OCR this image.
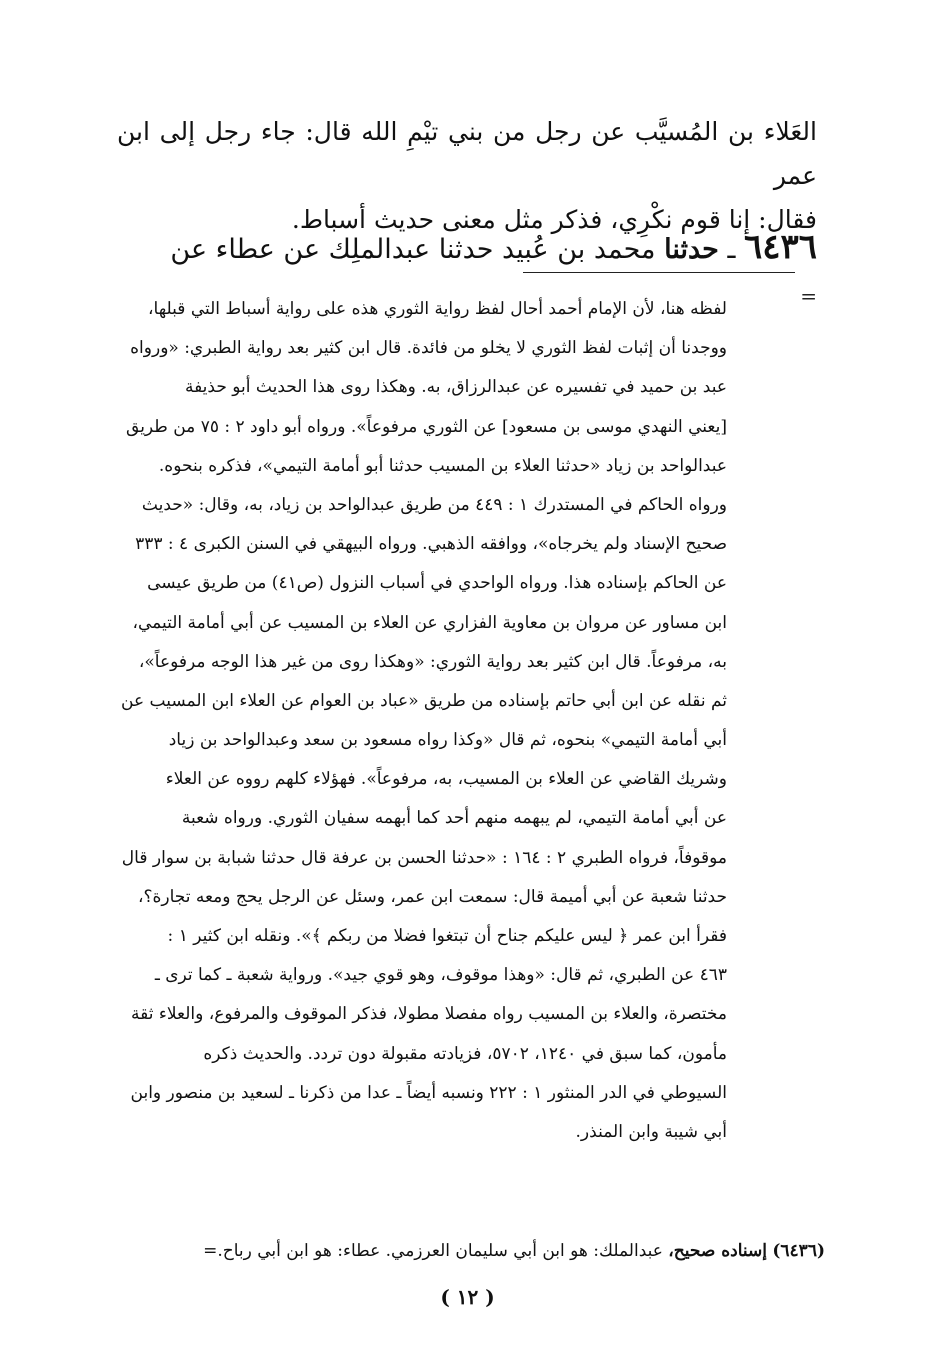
العَلاء بن المُسيَّب عن رجل من بني تيْمِ الله قال: جاء رجل إلى ابن عمر

فقال: إنا قوم نكْرِي، فذكر مثل معنى حديث أسباط.

٦٤٣٦ ـ حدثنا محمد بن عُبيد حدثنا عبدالملِك عن عطاء عن
=
لفظه هنا، لأن الإمام أحمد أحال لفظ رواية الثوري هذه على رواية أسباط التي قبلها،
ووجدنا أن إثبات لفظ الثوري لا يخلو من فائدة. قال ابن كثير بعد رواية الطبري: «ورواه
عبد بن حميد في تفسيره عن عبدالرزاق، به. وهكذا روى هذا الحديث أبو حذيفة
[يعني النهدي موسى بن مسعود] عن الثوري مرفوعاً». ورواه أبو داود ٢ : ٧٥ من طريق
عبدالواحد بن زياد «حدثنا العلاء بن المسيب حدثنا أبو أمامة التيمي»، فذكره بنحوه.
ورواه الحاكم في المستدرك ١ : ٤٤٩ من طريق عبدالواحد بن زياد، به، وقال: «حديث
صحيح الإسناد ولم يخرجاه»، ووافقه الذهبي. ورواه البيهقي في السنن الكبرى ٤ : ٣٣٣
عن الحاكم بإسناده هذا. ورواه الواحدي في أسباب النزول (ص٤١) من طريق عيسى
ابن مساور عن مروان بن معاوية الفزاري عن العلاء بن المسيب عن أبي أمامة التيمي،
به، مرفوعاً. قال ابن كثير بعد رواية الثوري: «وهكذا روى من غير هذا الوجه مرفوعاً»،
ثم نقله عن ابن أبي حاتم بإسناده من طريق «عباد بن العوام عن العلاء ابن المسيب عن
أبي أمامة التيمي» بنحوه، ثم قال «وكذا رواه مسعود بن سعد وعبدالواحد بن زياد
وشريك القاضي عن العلاء بن المسيب، به، مرفوعاً». فهؤلاء كلهم رووه عن العلاء
عن أبي أمامة التيمي، لم يبهمه منهم أحد كما أبهمه سفيان الثوري. ورواه شعبة
موقوفاً، فرواه الطبري ٢ : ١٦٤ : «حدثنا الحسن بن عرفة قال حدثنا شبابة بن سوار قال
حدثنا شعبة عن أبي أميمة قال: سمعت ابن عمر، وسئل عن الرجل يحج ومعه تجارة؟،
فقرأ ابن عمر ﴿ ليس عليكم جناح أن تبتغوا فضلا من ربكم ﴾». ونقله ابن كثير ١ :
٤٦٣ عن الطبري، ثم قال: «وهذا موقوف، وهو قوي جيد». ورواية شعبة ـ كما ترى ـ
مختصرة، والعلاء بن المسيب رواه مفصلا مطولا، فذكر الموقوف والمرفوع، والعلاء ثقة
مأمون، كما سبق في ١٢٤٠، ٥٧٠٢، فزيادته مقبولة دون تردد. والحديث ذكره
السيوطي في الدر المنثور ١ : ٢٢٢ ونسبه أيضاً ـ عدا من ذكرنا ـ لسعيد بن منصور وابن
أبي شيبة وابن المنذر.
(٦٤٣٦) إسناده صحيح، عبدالملك: هو ابن أبي سليمان العرزمي. عطاء: هو ابن أبي رباح.=
( ١٢ )
